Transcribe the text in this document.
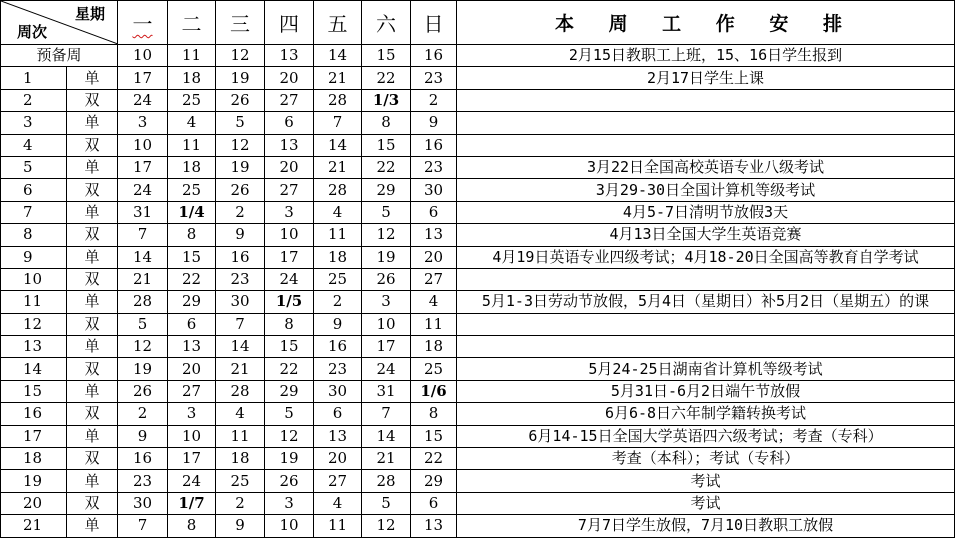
星期
周次		一	二	三	四	五	六	日	本 周 工 作 安 排
预备周		10	11	12	13	14	15	16	2月15日教职工上班，15、16日学生报到
1	单	17	18	19	20	21	22	23	2月17日学生上课
2	双	24	25	26	27	28	1/3	2	
3	单	3	4	5	6	7	8	9	
4	双	10	11	12	13	14	15	16	
5	单	17	18	19	20	21	22	23	3月22日全国高校英语专业八级考试
6	双	24	25	26	27	28	29	30	3月29-30日全国计算机等级考试
7	单	31	1/4	2	3	4	5	6	4月5-7日清明节放假3天
8	双	7	8	9	10	11	12	13	4月13日全国大学生英语竞赛
9	单	14	15	16	17	18	19	20	4月19日英语专业四级考试；4月18-20日全国高等教育自学考试
10	双	21	22	23	24	25	26	27	
11	单	28	29	30	1/5	2	3	4	5月1-3日劳动节放假，5月4日（星期日）补5月2日（星期五）的课
12	双	5	6	7	8	9	10	11	
13	单	12	13	14	15	16	17	18	
14	双	19	20	21	22	23	24	25	5月24-25日湖南省计算机等级考试
15	单	26	27	28	29	30	31	1/6	5月31日-6月2日端午节放假
16	双	2	3	4	5	6	7	8	6月6-8日六年制学籍转换考试
17	单	9	10	11	12	13	14	15	6月14-15日全国大学英语四六级考试；考查（专科）
18	双	16	17	18	19	20	21	22	考查（本科）；考试（专科）
19	单	23	24	25	26	27	28	29	考试
20	双	30	1/7	2	3	4	5	6	考试
21	单	7	8	9	10	11	12	13	7月7日学生放假，7月10日教职工放假
